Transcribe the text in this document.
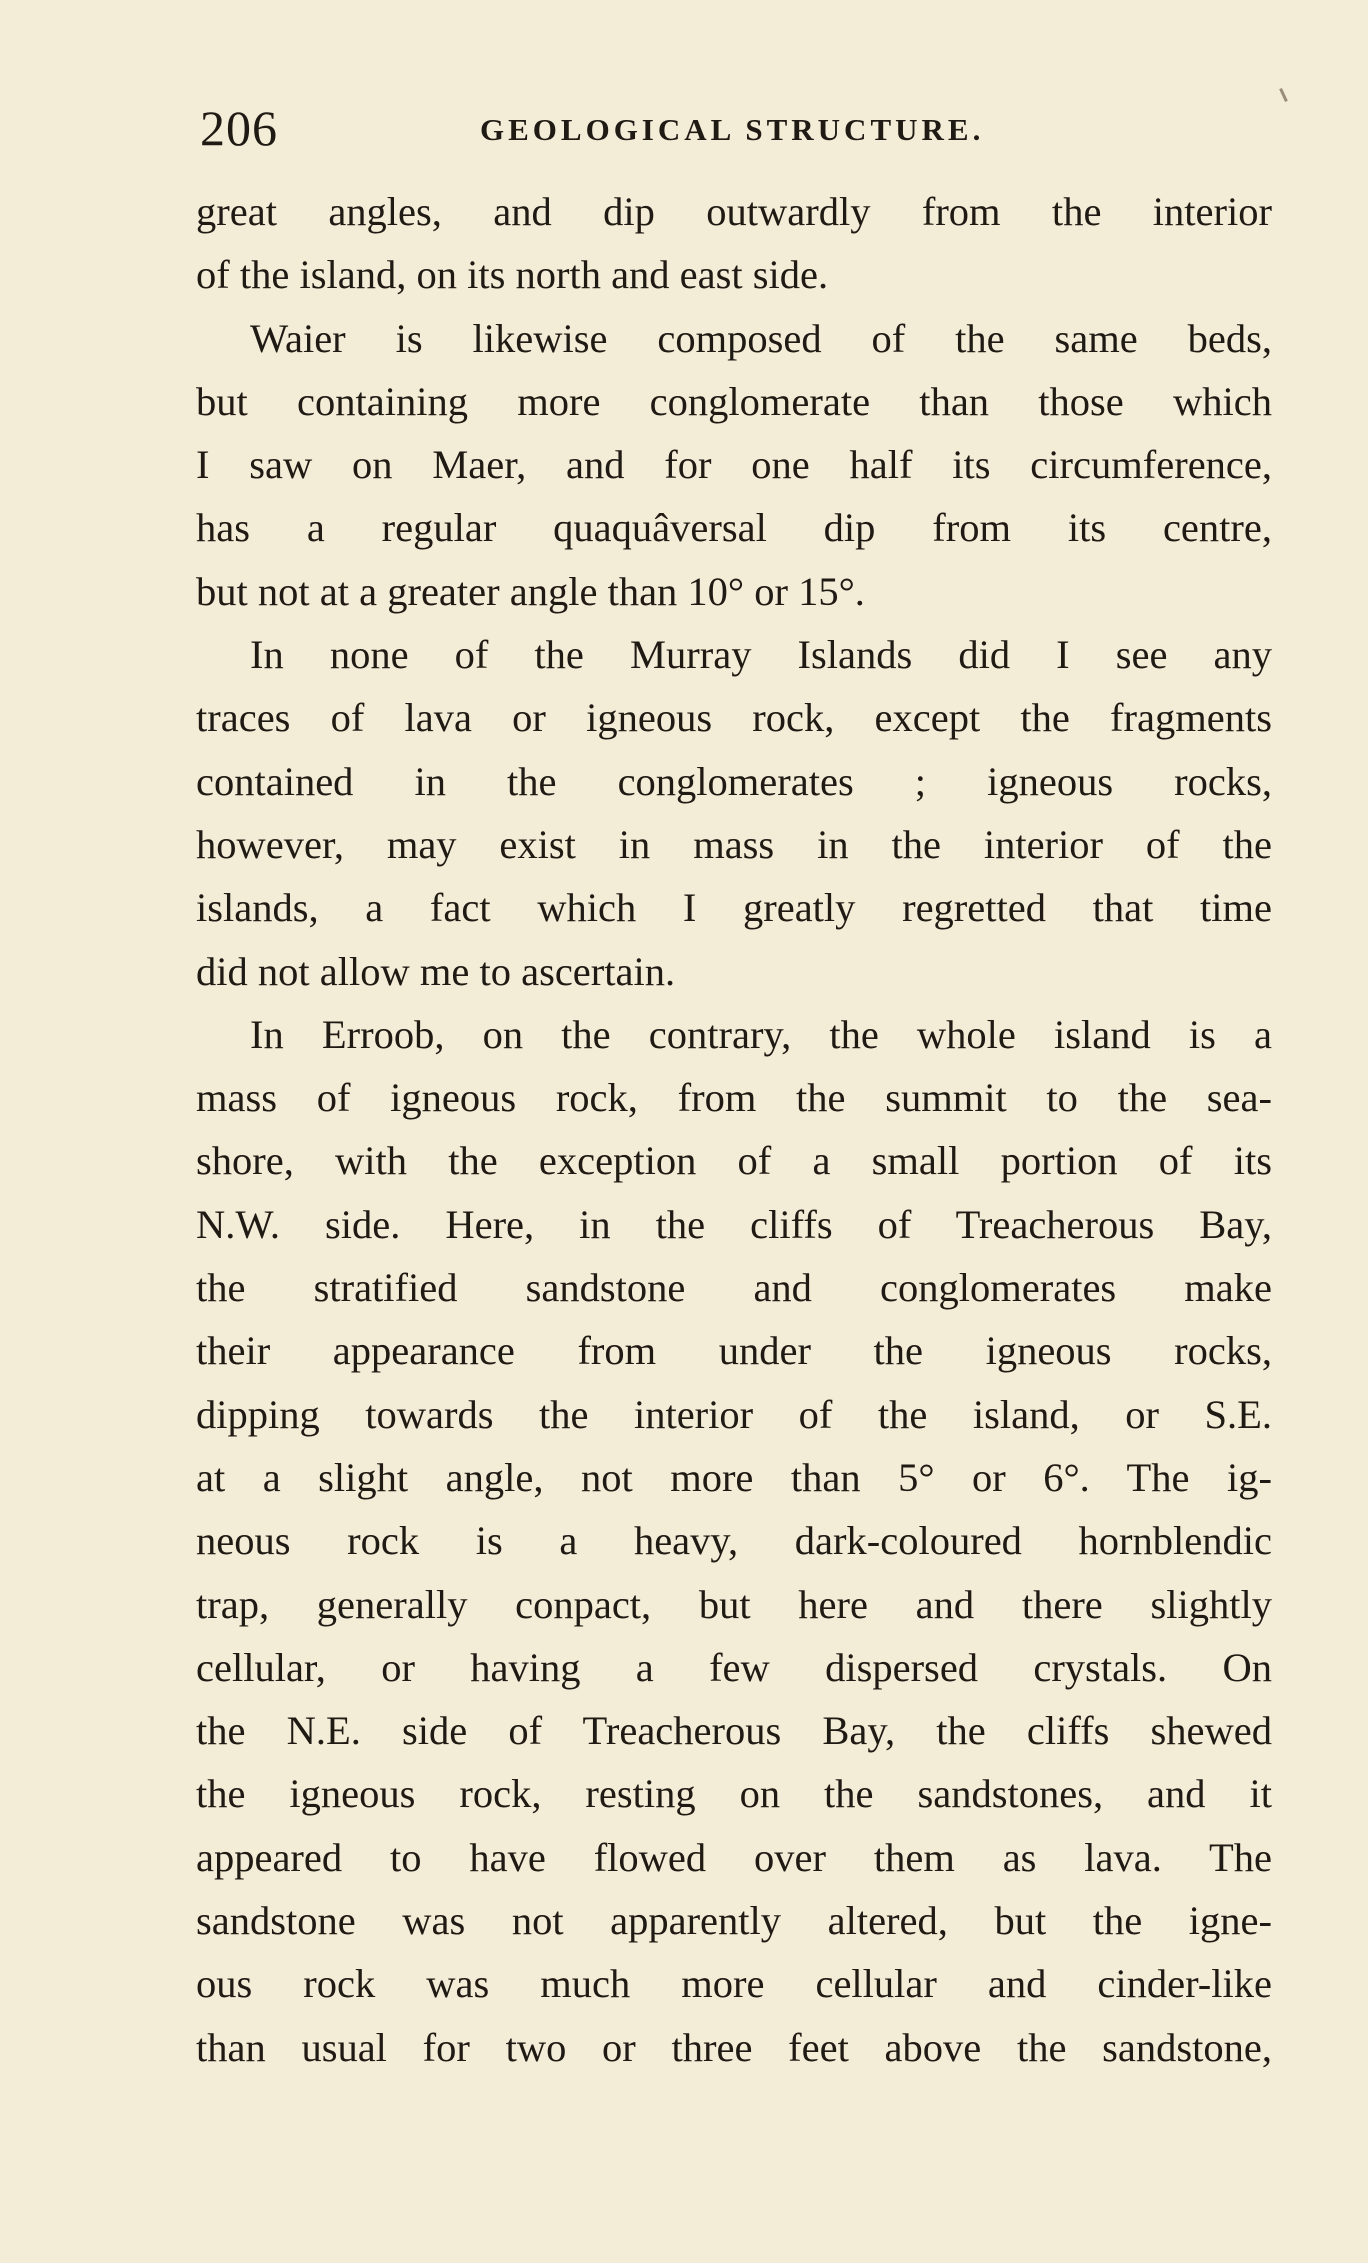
206	GEOLOGICAL STRUCTURE.
great angles, and dip outwardly from the interior
of the island, on its north and east side.
Waier is likewise composed of the same beds,
but containing more conglomerate than those which
I saw on Maer, and for one half its circumference,
has a regular quaquâversal dip from its centre,
but not at a greater angle than 10° or 15°.
In none of the Murray Islands did I see any
traces of lava or igneous rock, except the fragments
contained in the conglomerates ; igneous rocks,
however, may exist in mass in the interior of the
islands, a fact which I greatly regretted that time
did not allow me to ascertain.
In Erroob, on the contrary, the whole island is a
mass of igneous rock, from the summit to the sea-
shore, with the exception of a small portion of its
N.W. side. Here, in the cliffs of Treacherous Bay,
the stratified sandstone and conglomerates make
their appearance from under the igneous rocks,
dipping towards the interior of the island, or S.E.
at a slight angle, not more than 5° or 6°. The ig-
neous rock is a heavy, dark-coloured hornblendic
trap, generally conpact, but here and there slightly
cellular, or having a few dispersed crystals. On
the N.E. side of Treacherous Bay, the cliffs shewed
the igneous rock, resting on the sandstones, and it
appeared to have flowed over them as lava. The
sandstone was not apparently altered, but the igne-
ous rock was much more cellular and cinder-like
than usual for two or three feet above the sandstone,
